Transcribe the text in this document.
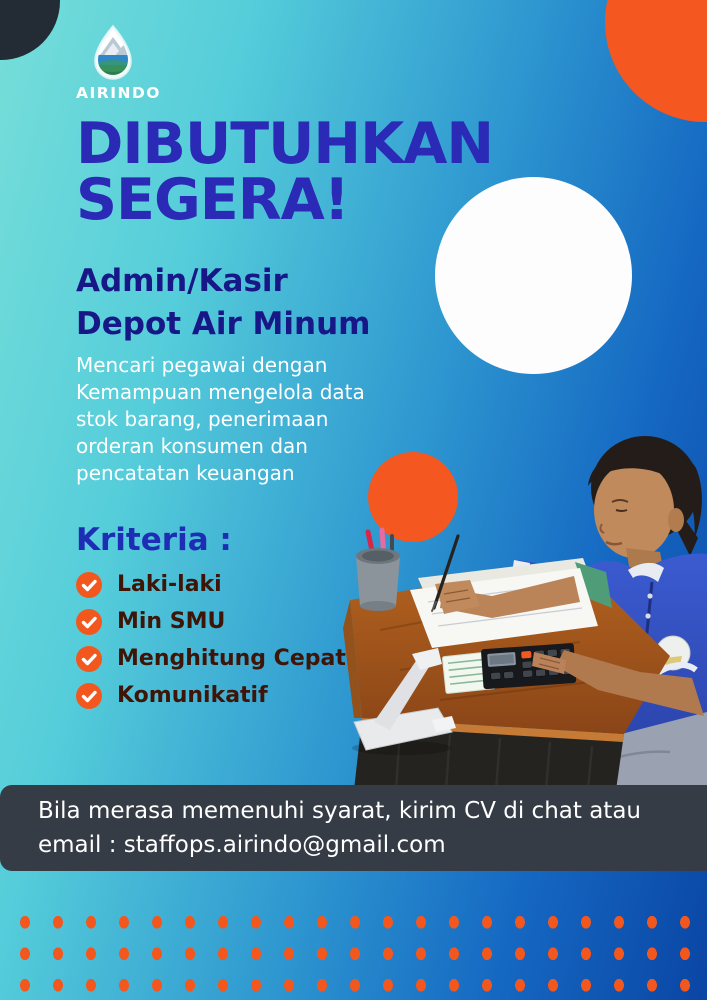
AIRINDO
DIBUTUHKAN
SEGERA!
Admin/Kasir
Depot Air Minum
Mencari pegawai dengan
Kemampuan mengelola data
stok barang, penerimaan
orderan konsumen dan
pencatatan keuangan
Kriteria :
Laki-laki
Min SMU
Menghitung Cepat
Komunikatif
Bila merasa memenuhi syarat, kirim CV di chat atau
email : staffops.airindo@gmail.com
